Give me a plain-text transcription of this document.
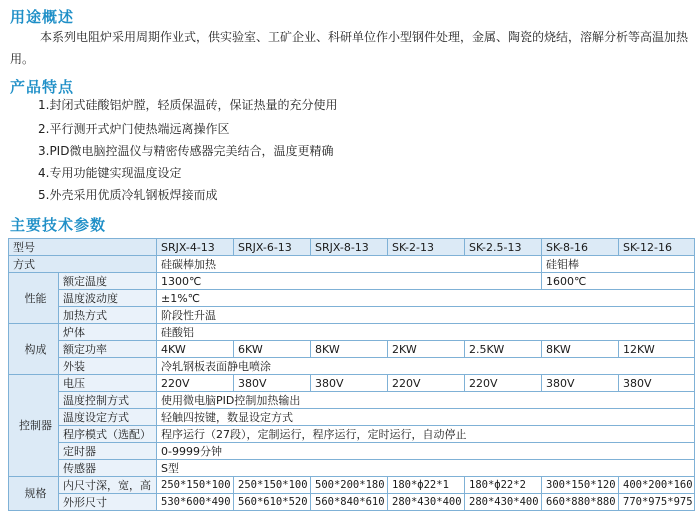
用途概述
本系列电阻炉采用周期作业式，供实验室、工矿企业、科研单位作小型钢件处理，金属、陶瓷的烧结，溶解分析等高温加热用。
产品特点
1.封闭式硅酸铝炉膛，轻质保温砖，保证热量的充分使用
2.平行测开式炉门使热端远离操作区
3.PID微电脑控温仪与精密传感器完美结合，温度更精确
4.专用功能键实现温度设定
5.外壳采用优质冷轧钢板焊接而成
主要技术参数
型号		SRJX-4-13	SRJX-6-13	SRJX-8-13	SK-2-13	SK-2.5-13	SK-8-16	SK-12-16
方式		硅碳棒加热					硅钼棒	
性能	额定温度	1300℃					1600℃	
	温度波动度	±1%℃						
	加热方式	阶段性升温						
构成	炉体	硅酸铝						
	额定功率	4KW	6KW	8KW	2KW	2.5KW	8KW	12KW
	外装	冷轧钢板表面静电喷涂						
控制器	电压	220V	380V	380V	220V	220V	380V	380V
	温度控制方式	使用微电脑PID控制加热输出						
	温度设定方式	轻触四按键，数显设定方式						
	程序模式（选配）	程序运行（27段），定制运行，程序运行，定时运行，自动停止						
	定时器	0-9999分钟						
	传感器	S型						
规格	内尺寸深，宽，高	250*150*100	250*150*100	500*200*180	180*ф22*1	180*ф22*2	300*150*120	400*200*160
	外形尺寸	530*600*490	560*610*520	560*840*610	280*430*400	280*430*400	660*880*880	770*975*975
